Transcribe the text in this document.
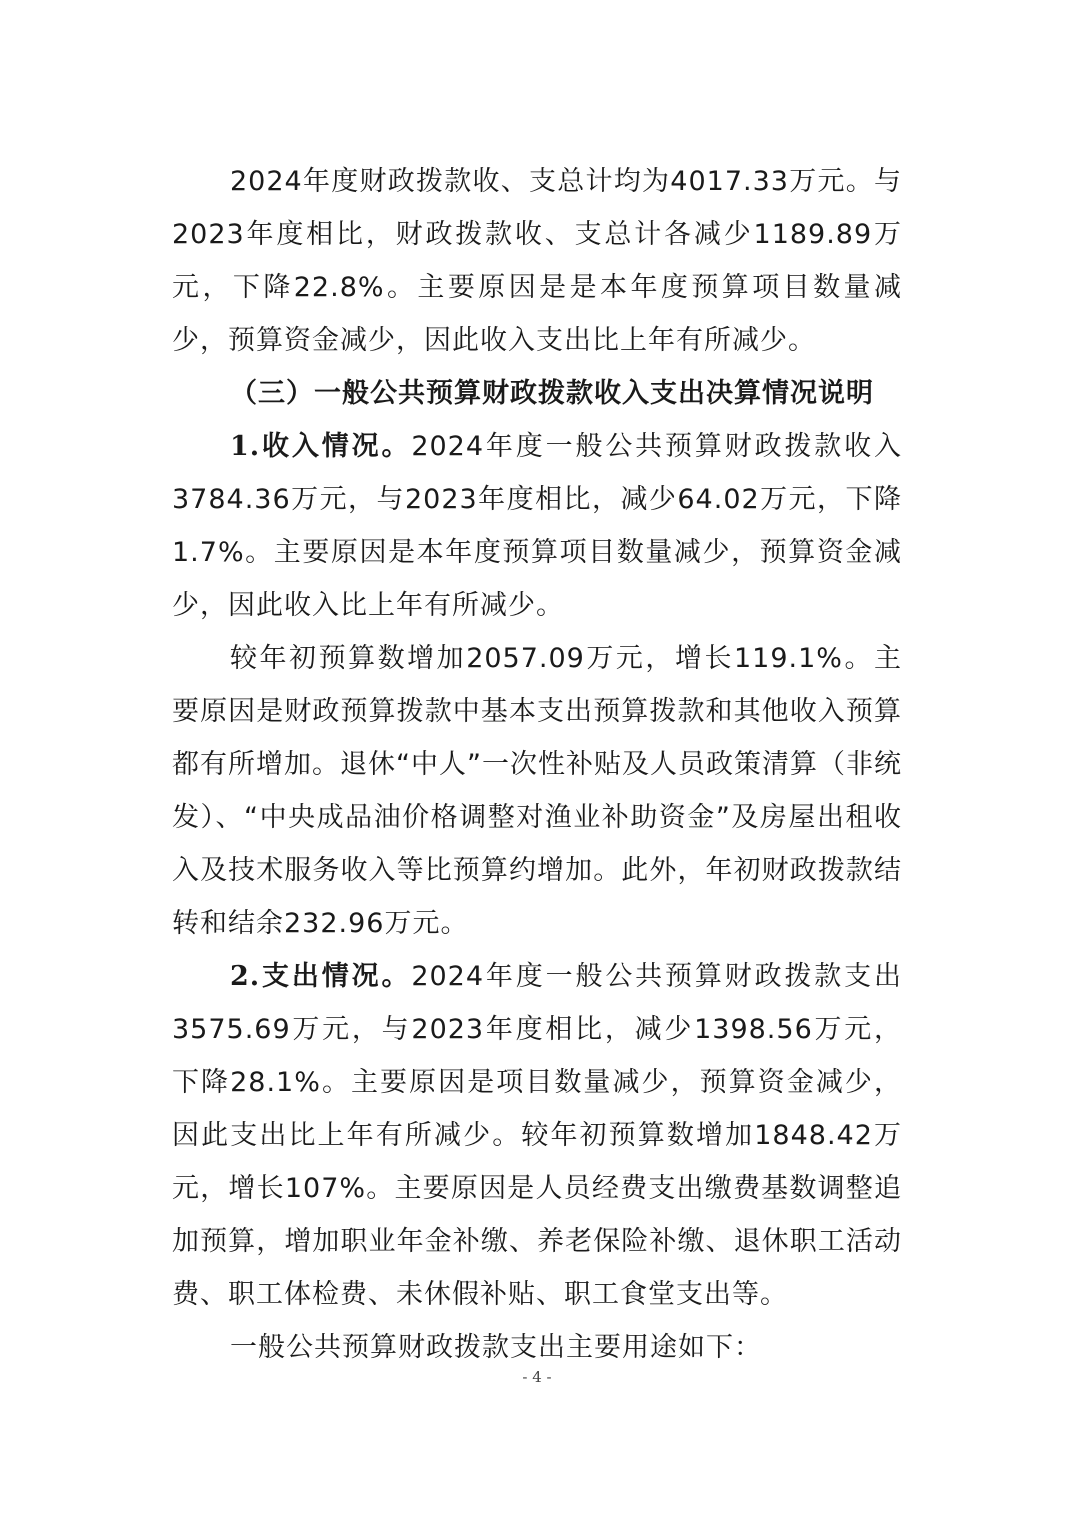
2024年度财政拨款收、支总计均为4017.33万元。与2023年度相比，财政拨款收、支总计各减少1189.89万元，下降22.8%。主要原因是是本年度预算项目数量减少，预算资金减少，因此收入支出比上年有所减少。

（三）一般公共预算财政拨款收入支出决算情况说明

1.收入情况。2024年度一般公共预算财政拨款收入3784.36万元，与2023年度相比，减少64.02万元，下降1.7%。主要原因是本年度预算项目数量减少，预算资金减少，因此收入比上年有所减少。

较年初预算数增加2057.09万元，增长119.1%。主要原因是财政预算拨款中基本支出预算拨款和其他收入预算都有所增加。退休“中人”一次性补贴及人员政策清算（非统发）、“中央成品油价格调整对渔业补助资金”及房屋出租收入及技术服务收入等比预算约增加。此外，年初财政拨款结转和结余232.96万元。

2.支出情况。2024年度一般公共预算财政拨款支出3575.69万元，与2023年度相比，减少1398.56万元，下降28.1%。主要原因是项目数量减少，预算资金减少，因此支出比上年有所减少。较年初预算数增加1848.42万元，增长107%。主要原因是人员经费支出缴费基数调整追加预算，增加职业年金补缴、养老保险补缴、退休职工活动费、职工体检费、未休假补贴、职工食堂支出等。

一般公共预算财政拨款支出主要用途如下：

- 4 -
